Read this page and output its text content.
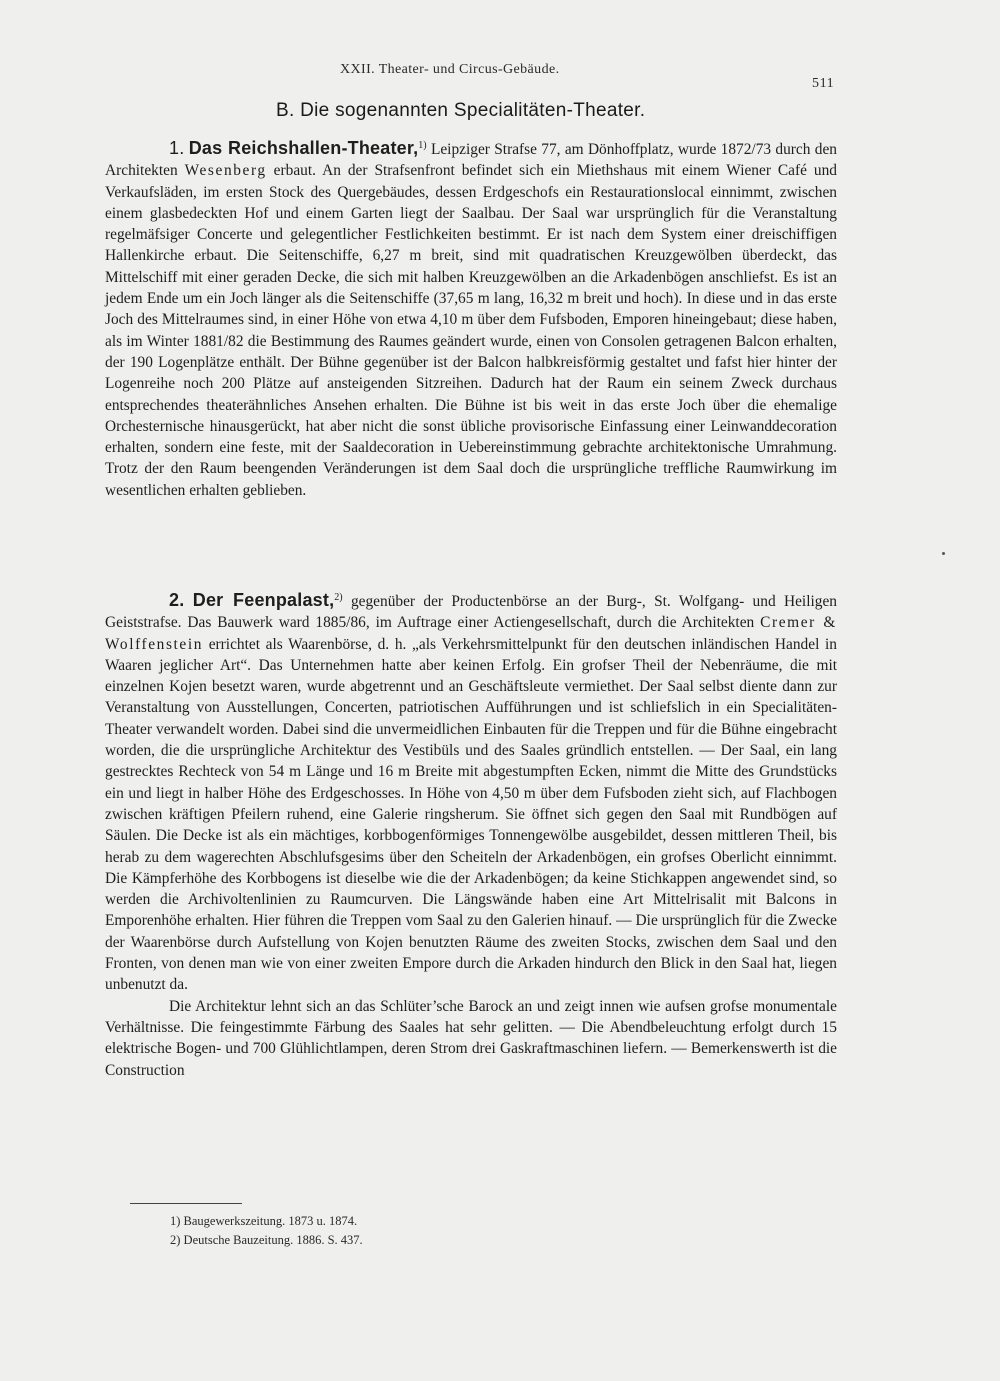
XXII. Theater- und Circus-Gebäude.
511
B. Die sogenannten Specialitäten-Theater.

1. Das Reichshallen-Theater,$^{1)}$ Leipziger Strafse 77, am Dönhoffplatz, wurde 1872/73 durch den Architekten Wesenberg erbaut. An der Strafsenfront befindet sich ein Miethshaus mit einem Wiener Café und Verkaufsläden, im ersten Stock des Quergebäudes, dessen Erdgeschofs ein Restaurationslocal einnimmt, zwischen einem glasbedeckten Hof und einem Garten liegt der Saalbau. Der Saal war ursprünglich für die Veranstaltung regelmäfsiger Concerte und gelegentlicher Festlichkeiten bestimmt. Er ist nach dem System einer dreischiffigen Hallenkirche erbaut. Die Seitenschiffe, 6,27 m breit, sind mit quadratischen Kreuzgewölben überdeckt, das Mittelschiff mit einer geraden Decke, die sich mit halben Kreuzgewölben an die Arkadenbögen anschliefst. Es ist an jedem Ende um ein Joch länger als die Seitenschiffe (37,65 m lang, 16,32 m breit und hoch). In diese und in das erste Joch des Mittelraumes sind, in einer Höhe von etwa 4,10 m über dem Fufsboden, Emporen hineingebaut; diese haben, als im Winter 1881/82 die Bestimmung des Raumes geändert wurde, einen von Consolen getragenen Balcon erhalten, der 190 Logenplätze enthält. Der Bühne gegenüber ist der Balcon halbkreisförmig gestaltet und fafst hier hinter der Logenreihe noch 200 Plätze auf ansteigenden Sitzreihen. Dadurch hat der Raum ein seinem Zweck durchaus entsprechendes theaterähnliches Ansehen erhalten. Die Bühne ist bis weit in das erste Joch über die ehemalige Orchesternische hinausgerückt, hat aber nicht die sonst übliche provisorische Einfassung einer Leinwanddecoration erhalten, sondern eine feste, mit der Saaldecoration in Uebereinstimmung gebrachte architektonische Umrahmung. Trotz der den Raum beengenden Veränderungen ist dem Saal doch die ursprüngliche treffliche Raumwirkung im wesentlichen erhalten geblieben.

2. Der Feenpalast,$^{2)}$ gegenüber der Productenbörse an der Burg-, St. Wolfgang- und Heiligen Geiststrafse. Das Bauwerk ward 1885/86, im Auftrage einer Actiengesellschaft, durch die Architekten Cremer & Wolffenstein errichtet als Waarenbörse, d. h. „als Verkehrsmittelpunkt für den deutschen inländischen Handel in Waaren jeglicher Art“. Das Unternehmen hatte aber keinen Erfolg. Ein grofser Theil der Nebenräume, die mit einzelnen Kojen besetzt waren, wurde abgetrennt und an Geschäftsleute vermiethet. Der Saal selbst diente dann zur Veranstaltung von Ausstellungen, Concerten, patriotischen Aufführungen und ist schliefslich in ein Specialitäten-Theater verwandelt worden. Dabei sind die unvermeidlichen Einbauten für die Treppen und für die Bühne eingebracht worden, die die ursprüngliche Architektur des Vestibüls und des Saales gründlich entstellen. — Der Saal, ein lang gestrecktes Rechteck von 54 m Länge und 16 m Breite mit abgestumpften Ecken, nimmt die Mitte des Grundstücks ein und liegt in halber Höhe des Erdgeschosses. In Höhe von 4,50 m über dem Fufsboden zieht sich, auf Flachbogen zwischen kräftigen Pfeilern ruhend, eine Galerie ringsherum. Sie öffnet sich gegen den Saal mit Rundbögen auf Säulen. Die Decke ist als ein mächtiges, korbbogenförmiges Tonnengewölbe ausgebildet, dessen mittleren Theil, bis herab zu dem wagerechten Abschlufsgesims über den Scheiteln der Arkadenbögen, ein grofses Oberlicht einnimmt. Die Kämpferhöhe des Korbbogens ist dieselbe wie die der Arkadenbögen; da keine Stichkappen angewendet sind, so werden die Archivoltenlinien zu Raumcurven. Die Längswände haben eine Art Mittelrisalit mit Balcons in Emporenhöhe erhalten. Hier führen die Treppen vom Saal zu den Galerien hinauf. — Die ursprünglich für die Zwecke der Waarenbörse durch Aufstellung von Kojen benutzten Räume des zweiten Stocks, zwischen dem Saal und den Fronten, von denen man wie von einer zweiten Empore durch die Arkaden hindurch den Blick in den Saal hat, liegen unbenutzt da.

Die Architektur lehnt sich an das Schlüter’sche Barock an und zeigt innen wie aufsen grofse monumentale Verhältnisse. Die feingestimmte Färbung des Saales hat sehr gelitten. — Die Abendbeleuchtung erfolgt durch 15 elektrische Bogen- und 700 Glühlichtlampen, deren Strom drei Gaskraftmaschinen liefern. — Bemerkenswerth ist die Construction

1) Baugewerkszeitung. 1873 u. 1874.
2) Deutsche Bauzeitung. 1886. S. 437.
